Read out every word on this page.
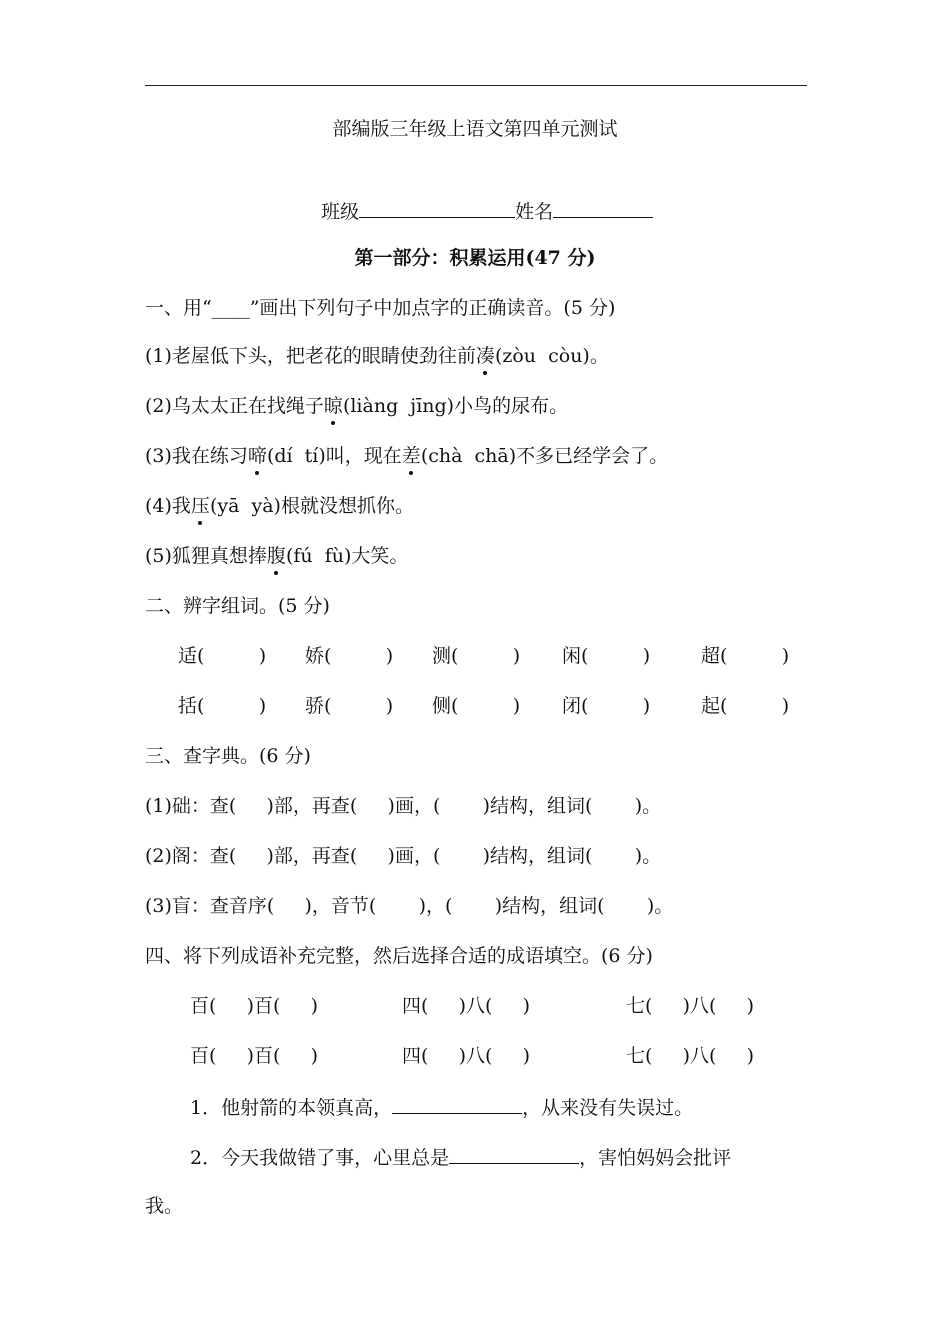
部编版三年级上语文第四单元测试

班级	姓名

第一部分：积累运用(47 分)
一、用“____”画出下列句子中加点字的正确读音。(5 分)
(1)老屋低下头，把老花的眼睛使劲往前凑(zòu  còu)。
(2)乌太太正在找绳子晾(liàng  jīng)小鸟的尿布。
(3)我在练习啼(dí  tí)叫，现在差(chà  chā)不多已经学会了。
(4)我压(yā  yà)根就没想抓你。
(5)狐狸真想捧腹(fú  fù)大笑。
二、辨字组词。(5 分)
适(         ) 娇(         ) 测(         ) 闲(         )	超(         )
括(         ) 骄(         ) 侧(         ) 闭(         )	起(         )
三、查字典。(6 分)
(1)础：查(     )部，再查(     )画，(       )结构，组词(       )。
(2)阁：查(     )部，再查(     )画，(       )结构，组词(       )。
(3)盲：查音序(     )，音节(       )，(       )结构，组词(       )。
四、将下列成语补充完整，然后选择合适的成语填空。(6 分)
百(     )百(     )	四(     )八(     )	七(     )八(     )
百(     )百(     )	四(     )八(     )	七(     )八(     )
1．他射箭的本领真高，	，从来没有失误过。
2．今天我做错了事，心里总是	，害怕妈妈会批评
我。
